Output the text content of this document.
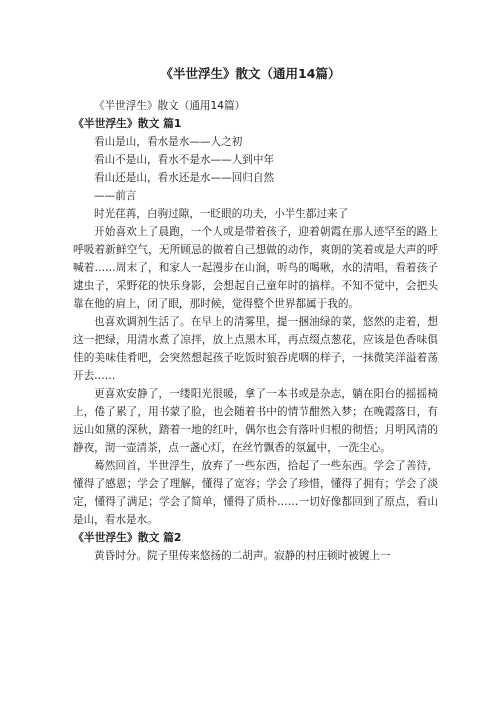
《半世浮生》散文（通用14篇）

《半世浮生》散文（通用14篇）

《半世浮生》散文 篇1

看山是山，看水是水——人之初

看山不是山，看水不是水——人到中年

看山还是山，看水还是水——回归自然

——前言

时光荏苒，白驹过隙，一眨眼的功夫，小半生都过来了

开始喜欢上了晨跑，一个人或是带着孩子，迎着朝霞在那人迹罕至的路上呼吸着新鲜空气，无所顾忌的做着自己想做的动作，爽朗的笑着或是大声的呼喊着……周末了，和家人一起漫步在山涧，听鸟的喝啾，水的清唱，看着孩子逮虫子，采野花的快乐身影，会想起自己童年时的搞样。不知不觉中，会把头靠在他的肩上，闭了眼，那时候，觉得整个世界都属于我的。

也喜欢调剂生活了。在早上的清雾里，提一捆油绿的菜，悠然的走着，想这一把绿，用清水煮了凉拌，放上点黑木耳，再点缀点葱花，应该是色香味俱佳的美味佳肴吧，会突然想起孩子吃饭时狼吞虎咽的样子，一抹微笑洋溢着荡开去……

更喜欢安静了，一缕阳光很暖，拿了一本书或是杂志，躺在阳台的摇摇椅上，倦了累了，用书蒙了脸，也会随着书中的情节酣然入梦；在晚霞落日，有远山如黛的深秋，踏着一地的红叶，偶尔也会有落叶归根的彻悟；月明风清的静夜，沏一壶清茶，点一盏心灯，在丝竹飘香的氛氲中，一洗尘心。

蓦然回首，半世浮生，放弃了一些东西，拾起了一些东西。学会了善待，懂得了感恩；学会了理解，懂得了宽容；学会了珍惜，懂得了拥有；学会了淡定，懂得了满足；学会了简单，懂得了质朴……一切好像都回到了原点，看山是山，看水是水。

《半世浮生》散文 篇2

黄昏时分。院子里传来悠扬的二胡声。寂静的村庄顿时被镀上一
